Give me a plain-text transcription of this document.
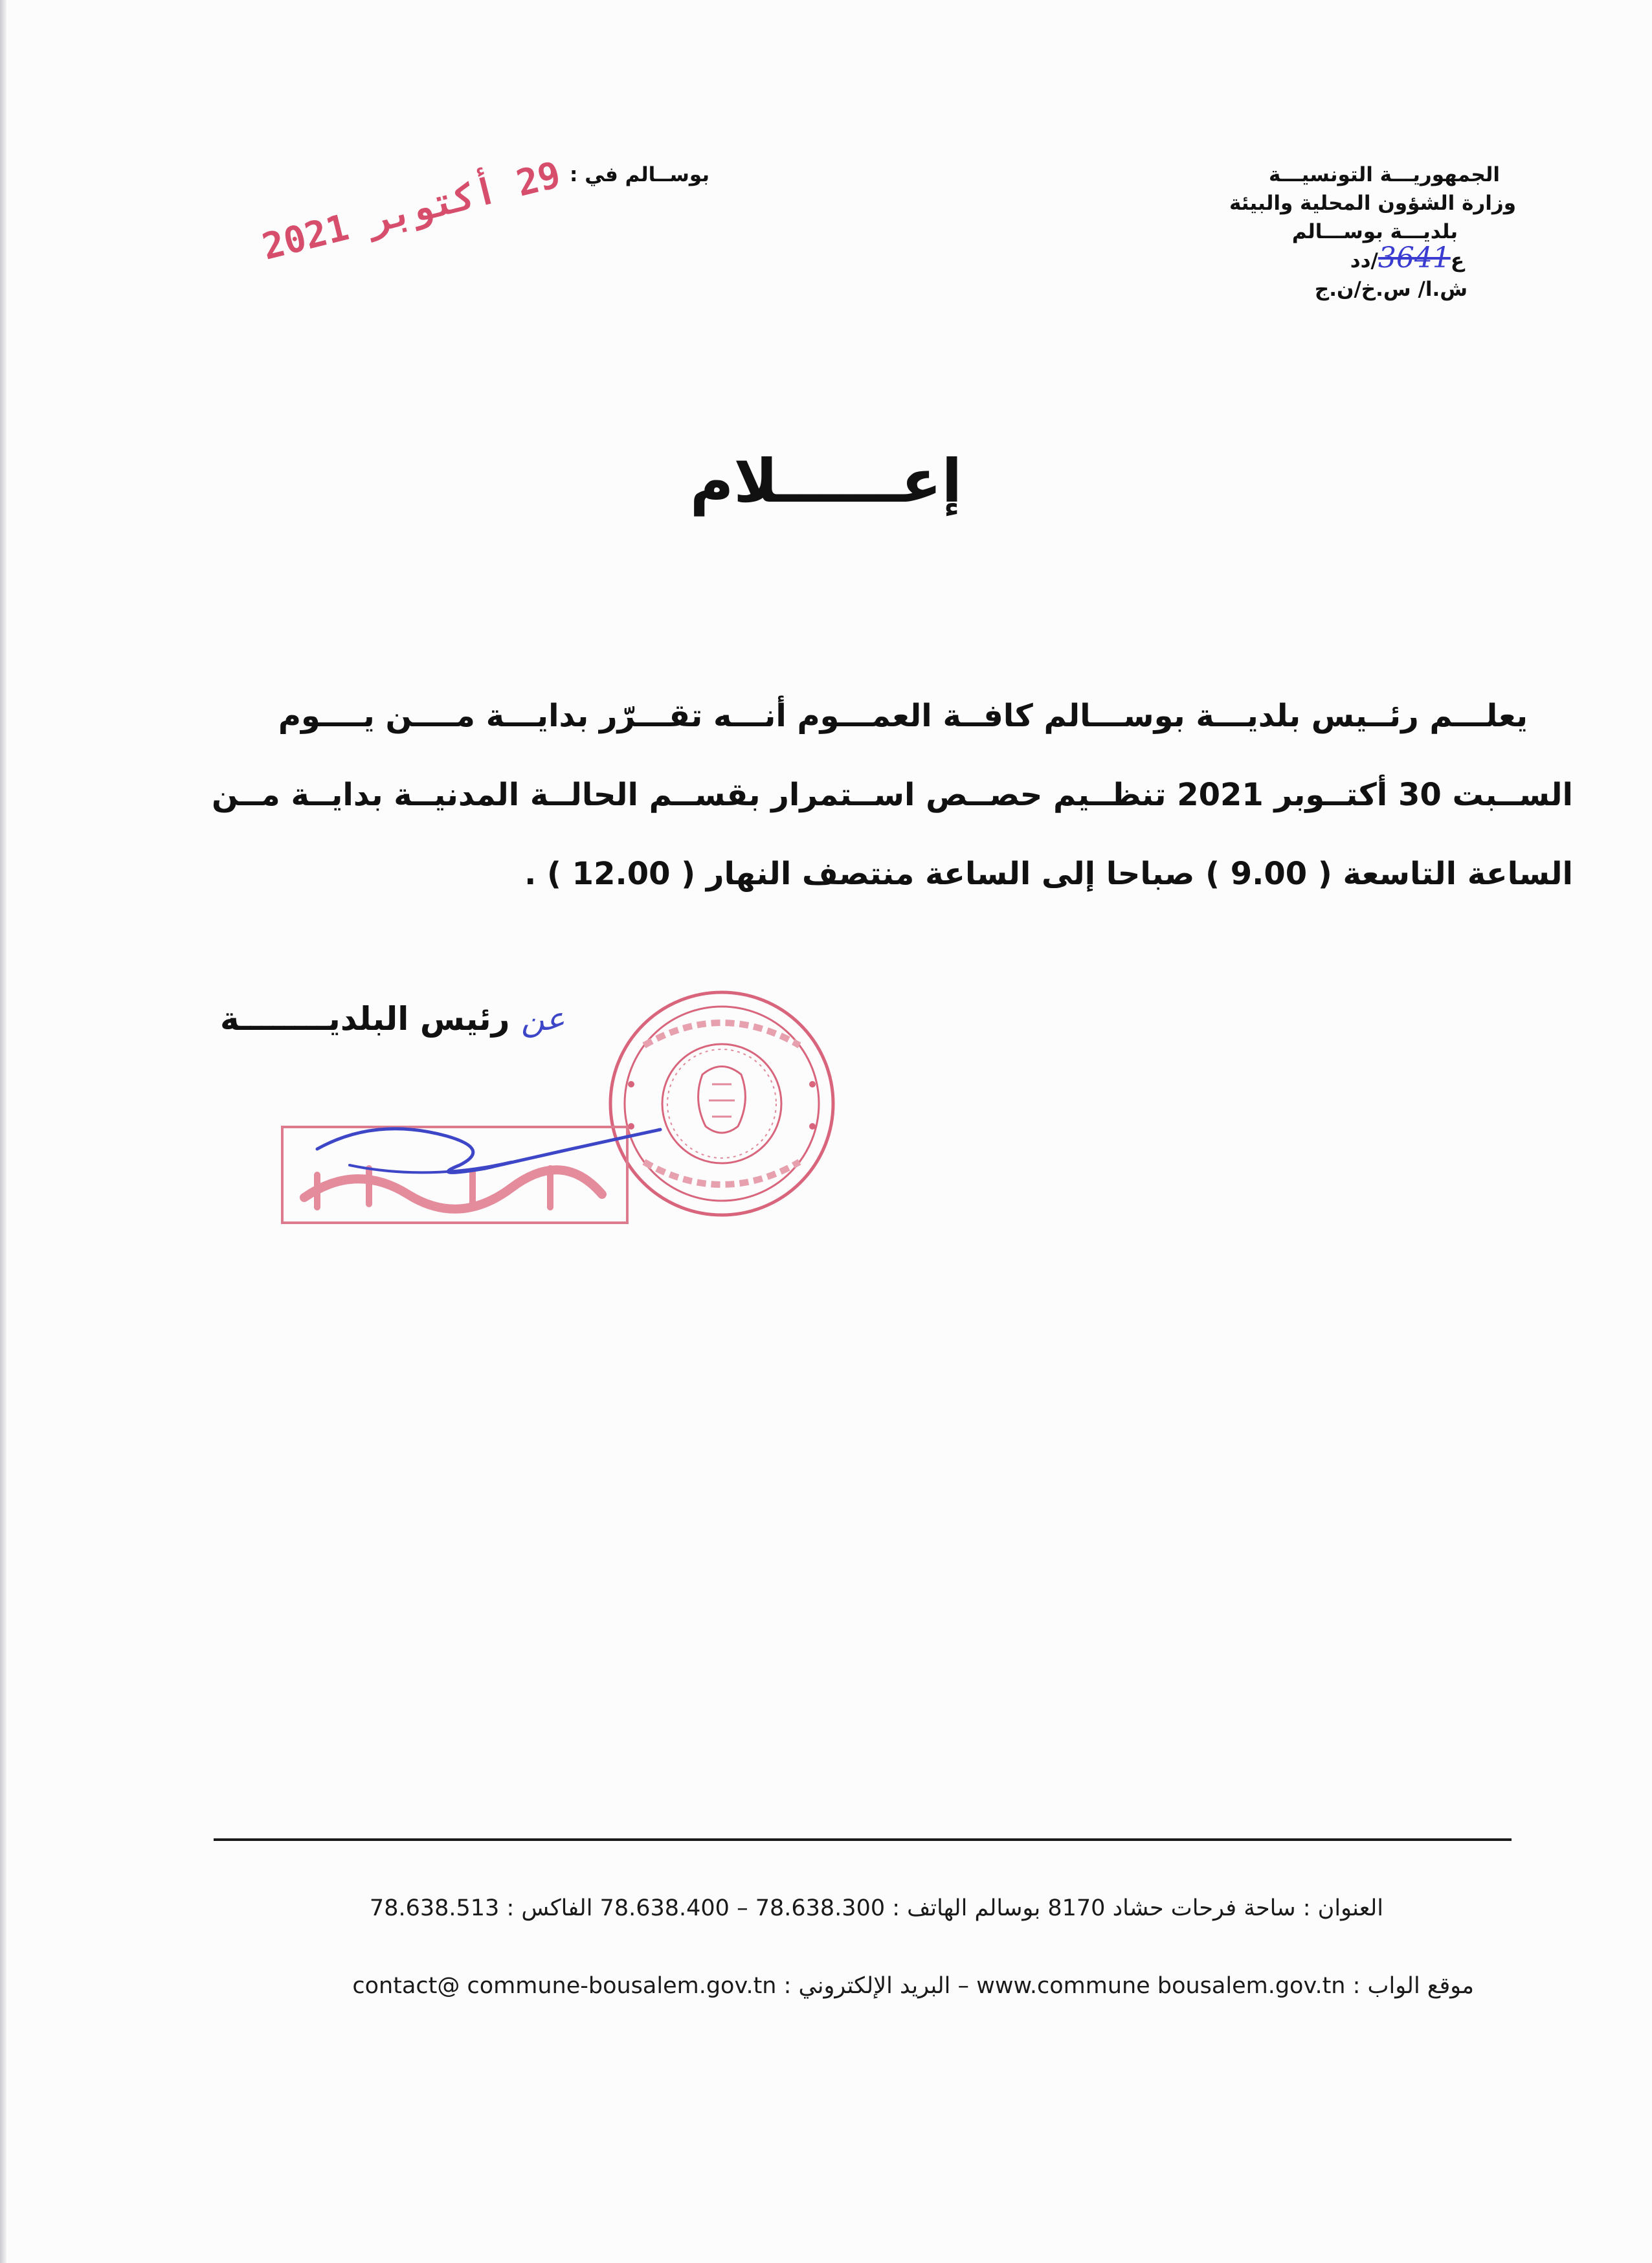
الجمهوريـــة التونسيـــة
وزارة الشؤون المحلية والبيئة
بلديـــة بوســـالم
ع3641/دد
ش.ا/ س.خ/ن.ج
بوســالم في :
29 أكتوبر 2021
إعــــــلام

يعلـــم رئــيس بلديـــة بوســـالم كافــة العمـــوم أنـــه تقـــرّر بدايـــة مــــن يــــوم

الســبت 30 أكتــوبر 2021 تنظــيم حصــص اســتمرار بقســم الحالــة المدنيــة بدايــة مــن

الساعة التاسعة ( 9.00 ) صباحا إلى الساعة منتصف النهار ( 12.00 ) .

عن رئيس البلديــــــــة
العنوان : ساحة فرحات حشاد 8170 بوسالم الهاتف : 78.638.300 – 78.638.400 الفاكس : 78.638.513
موقع الواب : www.commune bousalem.gov.tn – البريد الإلكتروني : contact@ commune-bousalem.gov.tn
